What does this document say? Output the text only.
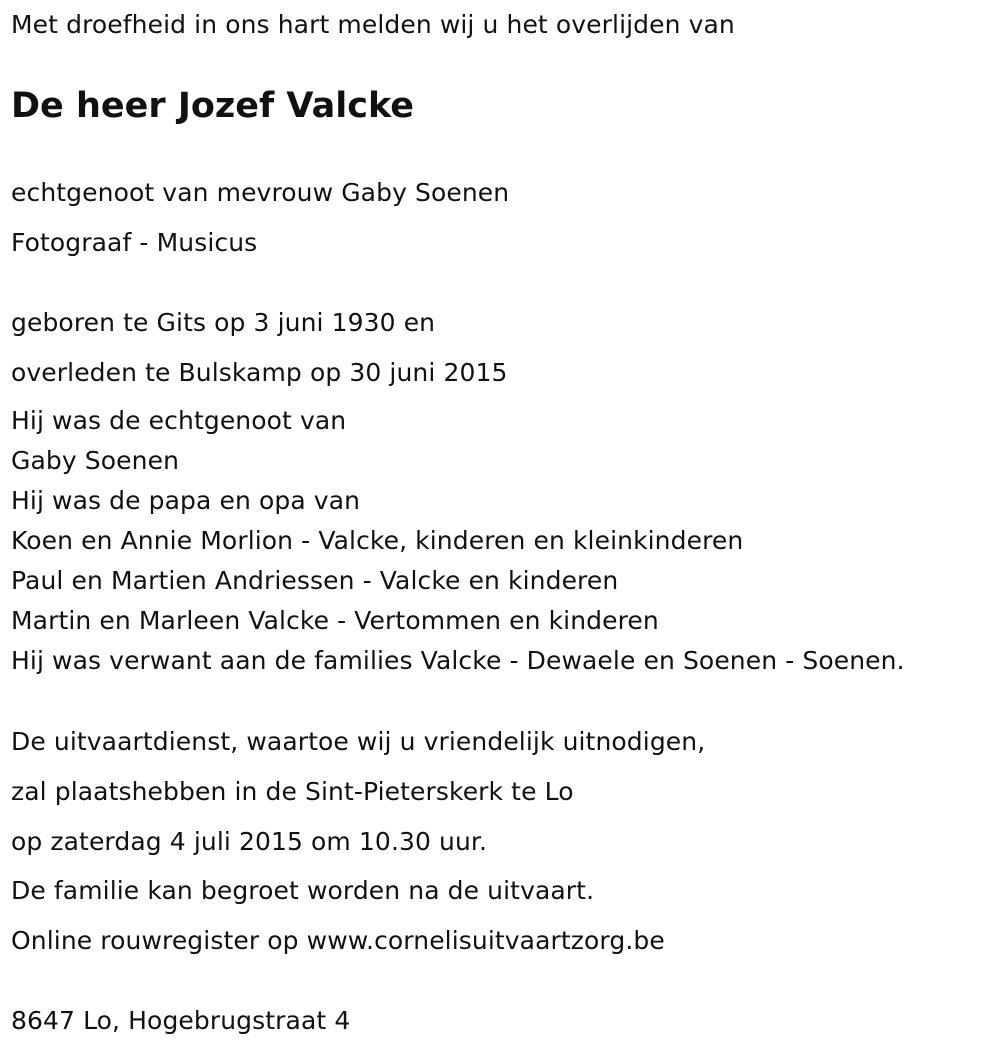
Met droefheid in ons hart melden wij u het overlijden van
De heer Jozef Valcke
echtgenoot van mevrouw Gaby Soenen
Fotograaf - Musicus
geboren te Gits op 3 juni 1930 en
overleden te Bulskamp op 30 juni 2015
Hij was de echtgenoot van
Gaby Soenen
Hij was de papa en opa van
Koen en Annie Morlion - Valcke, kinderen en kleinkinderen
Paul en Martien Andriessen - Valcke en kinderen
Martin en Marleen Valcke - Vertommen en kinderen
Hij was verwant aan de families Valcke - Dewaele en Soenen - Soenen.
De uitvaartdienst, waartoe wij u vriendelijk uitnodigen,
zal plaatshebben in de Sint-Pieterskerk te Lo
op zaterdag 4 juli 2015 om 10.30 uur.
De familie kan begroet worden na de uitvaart.
Online rouwregister op www.cornelisuitvaartzorg.be
8647 Lo, Hogebrugstraat 4
